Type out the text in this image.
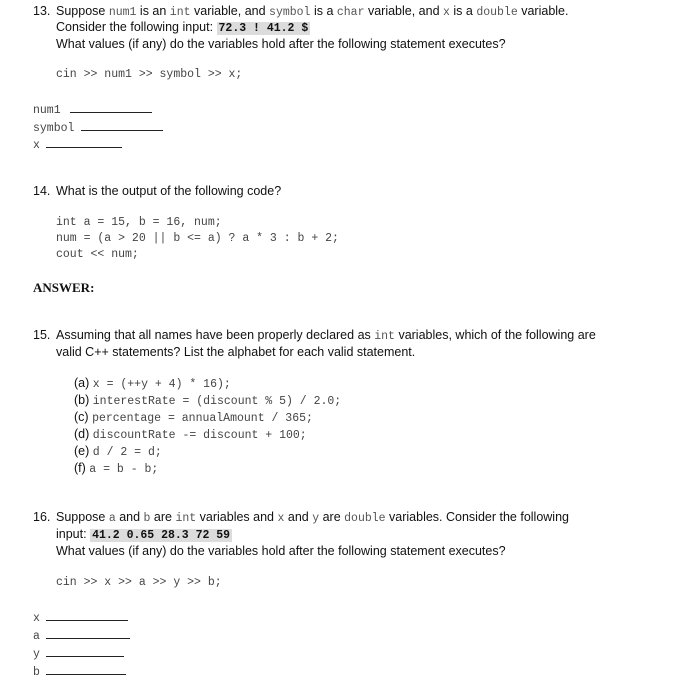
13. Suppose num1 is an int variable, and symbol is a char variable, and x is a double variable.
Consider the following input: 72.3 ! 41.2 $
What values (if any) do the variables hold after the following statement executes?
cin >> num1 >> symbol >> x;
num1
symbol
x
14. What is the output of the following code?
int a = 15, b = 16, num;
num = (a > 20 || b <= a) ? a * 3 : b + 2;
cout << num;
ANSWER:
15. Assuming that all names have been properly declared as int variables, which of the following are
valid C++ statements? List the alphabet for each valid statement.
(a) x = (++y + 4) * 16);
(b) interestRate = (discount % 5) / 2.0;
(c) percentage = annualAmount / 365;
(d) discountRate -= discount + 100;
(e) d / 2 = d;
(f) a = b - b;
16. Suppose a and b are int variables and x and y are double variables. Consider the following
input: 41.2 0.65 28.3 72 59
What values (if any) do the variables hold after the following statement executes?
cin >> x >> a >> y >> b;
x
a
y
b
